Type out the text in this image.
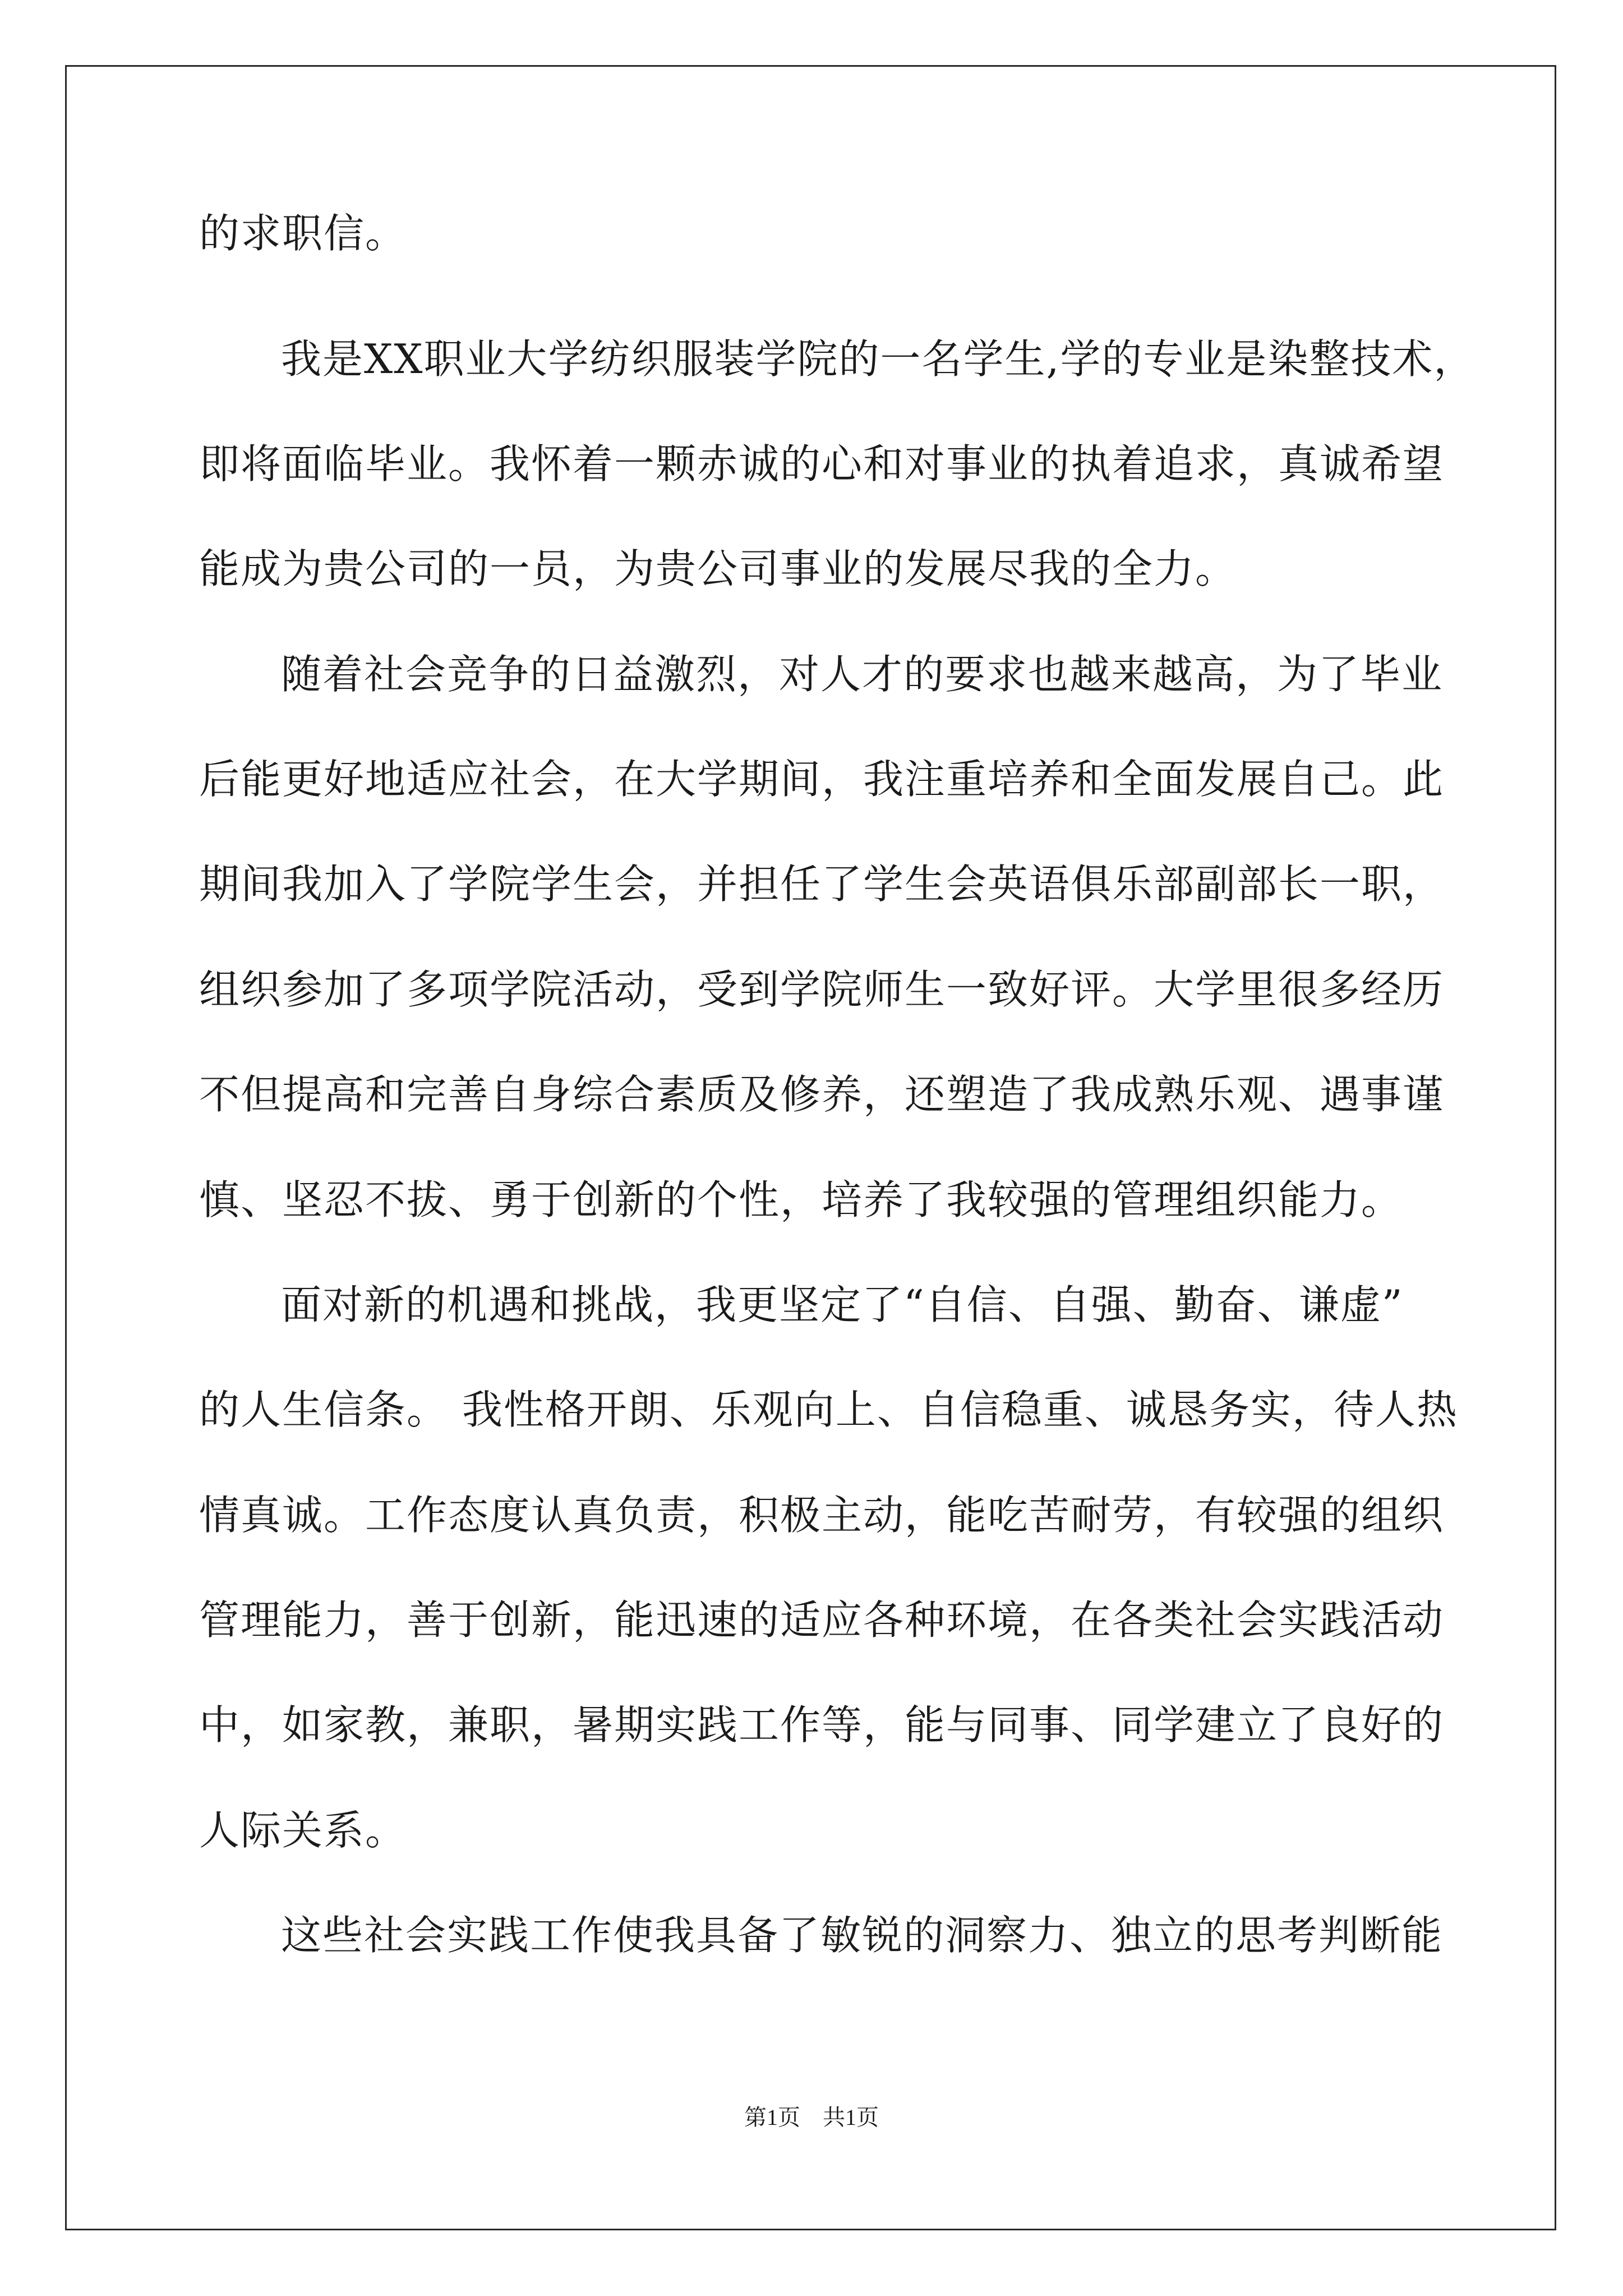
的求职信。
我是XX职业大学纺织服装学院的一名学生,学的专业是染整技术，
即将面临毕业。我怀着一颗赤诚的心和对事业的执着追求，真诚希望
能成为贵公司的一员，为贵公司事业的发展尽我的全力。
随着社会竞争的日益激烈，对人才的要求也越来越高，为了毕业
后能更好地适应社会，在大学期间，我注重培养和全面发展自己。此
期间我加入了学院学生会，并担任了学生会英语俱乐部副部长一职，
组织参加了多项学院活动，受到学院师生一致好评。大学里很多经历
不但提高和完善自身综合素质及修养，还塑造了我成熟乐观、遇事谨
慎、坚忍不拔、勇于创新的个性，培养了我较强的管理组织能力。
面对新的机遇和挑战，我更坚定了“自信、自强、勤奋、谦虚”
的人生信条。 我性格开朗、乐观向上、自信稳重、诚恳务实，待人热
情真诚。工作态度认真负责，积极主动，能吃苦耐劳，有较强的组织
管理能力，善于创新，能迅速的适应各种环境，在各类社会实践活动
中，如家教，兼职，暑期实践工作等，能与同事、同学建立了良好的
人际关系。
这些社会实践工作使我具备了敏锐的洞察力、独立的思考判断能
第1页　共1页
